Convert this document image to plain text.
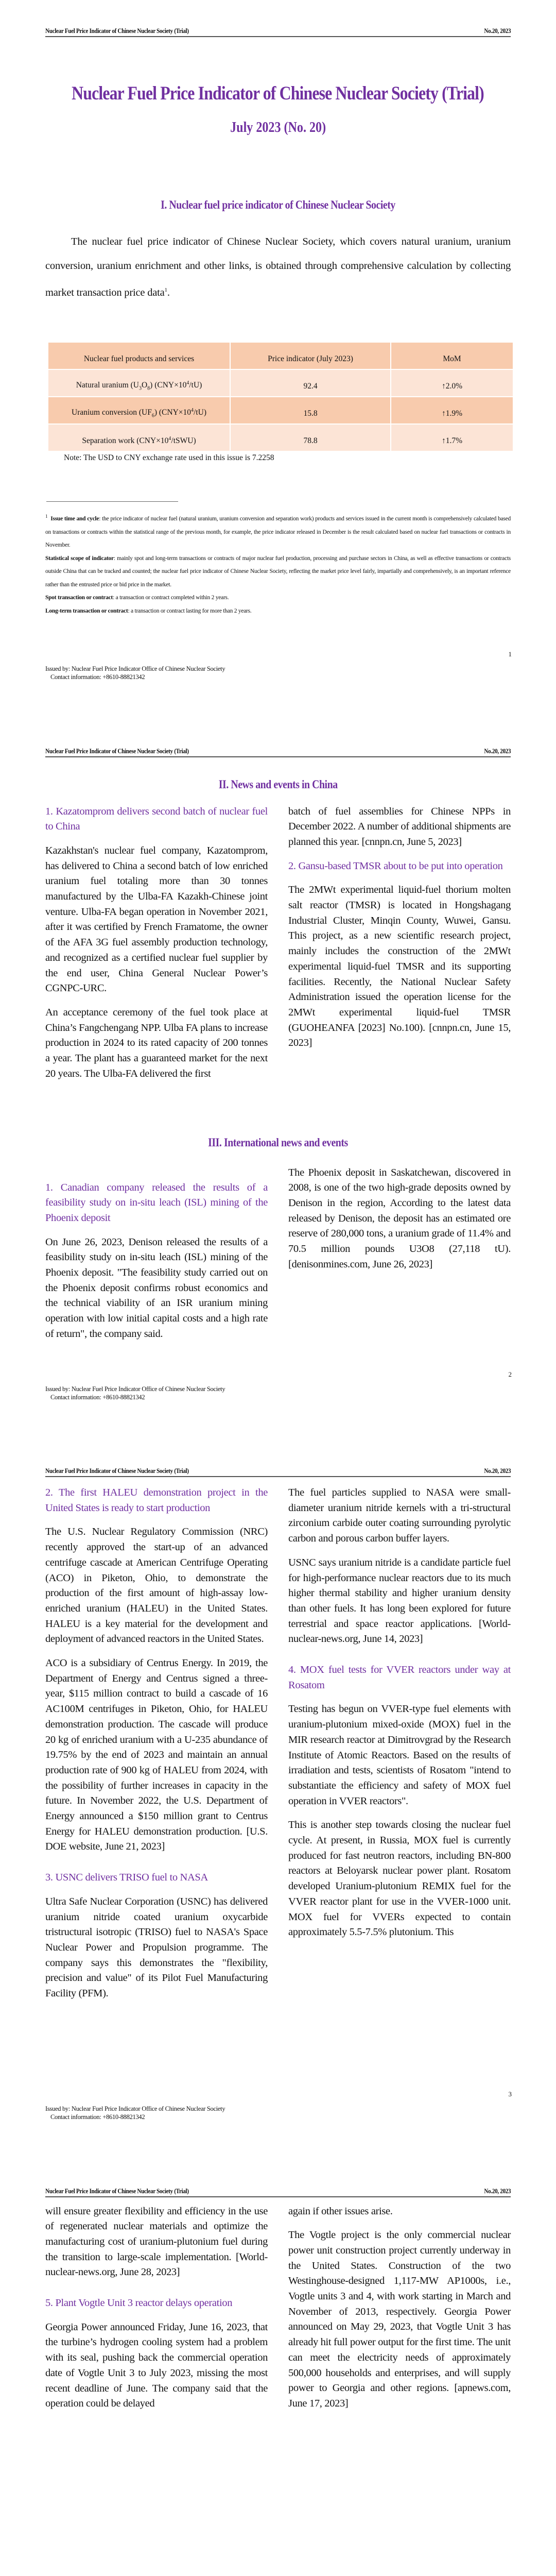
Nuclear Fuel Price Indicator of Chinese Nuclear Society (Trial)	No.20, 2023
Nuclear Fuel Price Indicator of Chinese Nuclear Society (Trial)
July 2023 (No. 20)
I. Nuclear fuel price indicator of Chinese Nuclear Society
The nuclear fuel price indicator of Chinese Nuclear Society, which covers natural uranium, uranium conversion, uranium enrichment and other links, is obtained through comprehensive calculation by collecting market transaction price data$^1$.
Nuclear fuel products and services	Price indicator (July 2023)	MoM
Natural uranium $(U_3O_8)$ $(CNY\times 10^4/tU)$	92.4	↑2.0%
Uranium conversion $(UF_6)$ $(CNY\times 10^4/tU)$	15.8	↑1.9%
Separation work $(CNY\times 10^4/tSWU)$	78.8	↑1.7%
Note: The USD to CNY exchange rate used in this issue is 7.2258

$^1$ Issue time and cycle: the price indicator of nuclear fuel (natural uranium, uranium conversion and separation work) products and services issued in the current month is comprehensively calculated based on transactions or contracts within the statistical range of the previous month, for example, the price indicator released in December is the result calculated based on nuclear fuel transactions or contracts in November.

Statistical scope of indicator: mainly spot and long-term transactions or contracts of major nuclear fuel production, processing and purchase sectors in China, as well as effective transactions or contracts outside China that can be tracked and counted; the nuclear fuel price indicator of Chinese Nuclear Society, reflecting the market price level fairly, impartially and comprehensively, is an important reference rather than the entrusted price or bid price in the market.

Spot transaction or contract: a transaction or contract completed within 2 years.

Long-term transaction or contract: a transaction or contract lasting for more than 2 years.

1
Issued by: Nuclear Fuel Price Indicator Office of Chinese Nuclear Society
Contact information: +8610-88821342
Nuclear Fuel Price Indicator of Chinese Nuclear Society (Trial)	No.20, 2023
II. News and events in China
1. Kazatomprom delivers second batch of nuclear fuel to China

Kazakhstan's nuclear fuel company, Kazatomprom, has delivered to China a second batch of low enriched uranium fuel totaling more than 30 tonnes manufactured by the Ulba-FA Kazakh-Chinese joint venture. Ulba-FA began operation in November 2021, after it was certified by French Framatome, the owner of the AFA 3G fuel assembly production technology, and recognized as a certified nuclear fuel supplier by the end user, China General Nuclear Power’s CGNPC-URC.

An acceptance ceremony of the fuel took place at China’s Fangchengang NPP. Ulba FA plans to increase production in 2024 to its rated capacity of 200 tonnes a year. The plant has a guaranteed market for the next 20 years. The Ulba-FA delivered the first

batch of fuel assemblies for Chinese NPPs in December 2022. A number of additional shipments are planned this year. [cnnpn.cn, June 5, 2023]

2. Gansu-based TMSR about to be put into operation

The 2MWt experimental liquid-fuel thorium molten salt reactor (TMSR) is located in Hongshagang Industrial Cluster, Minqin County, Wuwei, Gansu. This project, as a new scientific research project, mainly includes the construction of the 2MWt experimental liquid-fuel TMSR and its supporting facilities. Recently, the National Nuclear Safety Administration issued the operation license for the 2MWt experimental liquid-fuel TMSR (GUOHEANFA [2023] No.100). [cnnpn.cn, June 15, 2023]

III. International news and events
1. Canadian company released the results of a feasibility study on in-situ leach (ISL) mining of the Phoenix deposit

On June 26, 2023, Denison released the results of a feasibility study on in-situ leach (ISL) mining of the Phoenix deposit. "The feasibility study carried out on the Phoenix deposit confirms robust economics and the technical viability of an ISR uranium mining operation with low initial capital costs and a high rate of return", the company said.

The Phoenix deposit in Saskatchewan, discovered in 2008, is one of the two high-grade deposits owned by Denison in the region, According to the latest data released by Denison, the deposit has an estimated ore reserve of 280,000 tons, a uranium grade of 11.4% and 70.5 million pounds U3O8 (27,118 tU). [denisonmines.com, June 26, 2023]

2
Issued by: Nuclear Fuel Price Indicator Office of Chinese Nuclear Society
Contact information: +8610-88821342
Nuclear Fuel Price Indicator of Chinese Nuclear Society (Trial)	No.20, 2023
2. The first HALEU demonstration project in the United States is ready to start production

The U.S. Nuclear Regulatory Commission (NRC) recently approved the start-up of an advanced centrifuge cascade at American Centrifuge Operating (ACO) in Piketon, Ohio, to demonstrate the production of the first amount of high-assay low-enriched uranium (HALEU) in the United States. HALEU is a key material for the development and deployment of advanced reactors in the United States.

ACO is a subsidiary of Centrus Energy. In 2019, the Department of Energy and Centrus signed a three-year, $115 million contract to build a cascade of 16 AC100M centrifuges in Piketon, Ohio, for HALEU demonstration production. The cascade will produce 20 kg of enriched uranium with a U-235 abundance of 19.75% by the end of 2023 and maintain an annual production rate of 900 kg of HALEU from 2024, with the possibility of further increases in capacity in the future. In November 2022, the U.S. Department of Energy announced a $150 million grant to Centrus Energy for HALEU demonstration production. [U.S. DOE website, June 21, 2023]

3. USNC delivers TRISO fuel to NASA

Ultra Safe Nuclear Corporation (USNC) has delivered uranium nitride coated uranium oxycarbide tristructural isotropic (TRISO) fuel to NASA's Space Nuclear Power and Propulsion programme. The company says this demonstrates the "flexibility, precision and value" of its Pilot Fuel Manufacturing Facility (PFM).

The fuel particles supplied to NASA were small-diameter uranium nitride kernels with a tri-structural zirconium carbide outer coating surrounding pyrolytic carbon and porous carbon buffer layers.

USNC says uranium nitride is a candidate particle fuel for high-performance nuclear reactors due to its much higher thermal stability and higher uranium density than other fuels. It has long been explored for future terrestrial and space reactor applications. [World-nuclear-news.org, June 14, 2023]

4. MOX fuel tests for VVER reactors under way at Rosatom

Testing has begun on VVER-type fuel elements with uranium-plutonium mixed-oxide (MOX) fuel in the MIR research reactor at Dimitrovgrad by the Research Institute of Atomic Reactors. Based on the results of irradiation and tests, scientists of Rosatom "intend to substantiate the efficiency and safety of MOX fuel operation in VVER reactors".

This is another step towards closing the nuclear fuel cycle. At present, in Russia, MOX fuel is currently produced for fast neutron reactors, including BN-800 reactors at Beloyarsk nuclear power plant. Rosatom developed Uranium-plutonium REMIX fuel for the VVER reactor plant for use in the VVER-1000 unit. MOX fuel for VVERs expected to contain approximately 5.5-7.5% plutonium. This

3
Issued by: Nuclear Fuel Price Indicator Office of Chinese Nuclear Society
Contact information: +8610-88821342
Nuclear Fuel Price Indicator of Chinese Nuclear Society (Trial)	No.20, 2023

will ensure greater flexibility and efficiency in the use of regenerated nuclear materials and optimize the manufacturing cost of uranium-plutonium fuel during the transition to large-scale implementation. [World-nuclear-news.org, June 28, 2023]

5. Plant Vogtle Unit 3 reactor delays operation

Georgia Power announced Friday, June 16, 2023, that the turbine’s hydrogen cooling system had a problem with its seal, pushing back the commercial operation date of Vogtle Unit 3 to July 2023, missing the most recent deadline of June. The company said that the operation could be delayed

again if other issues arise.

The Vogtle project is the only commercial nuclear power unit construction project currently underway in the United States. Construction of the two Westinghouse-designed 1,117-MW AP1000s, i.e., Vogtle units 3 and 4, with work starting in March and November of 2013, respectively. Georgia Power announced on May 29, 2023, that Vogtle Unit 3 has already hit full power output for the first time. The unit can meet the electricity needs of approximately 500,000 households and enterprises, and will supply power to Georgia and other regions. [apnews.com, June 17, 2023]
